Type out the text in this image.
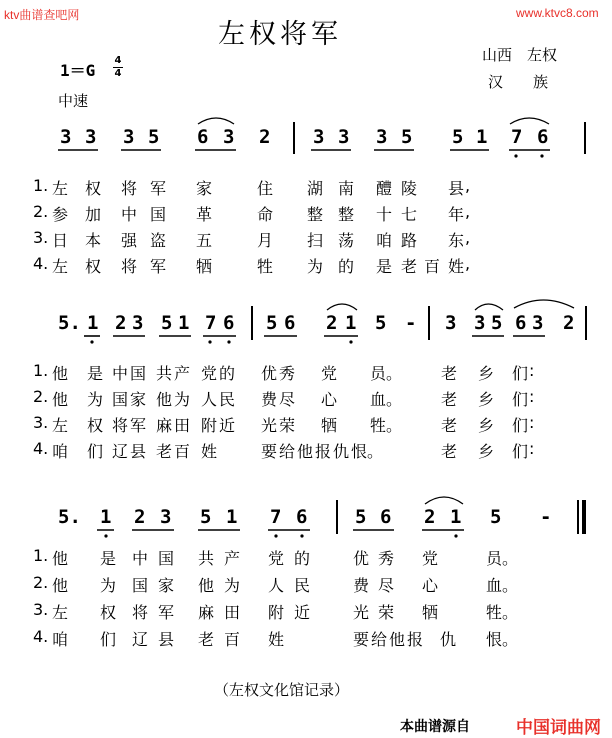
ktv曲谱查吧网	www.ktvc8.com
左权将军
山西　左权
汉　　族
1＝G
4
4
中速
3 3 3 5 6 3 2 3 3 3 5 5 1 7 6
1. 左 权 将 军 家	住 湖 南 醴 陵 县 ,
2. 参 加 中 国 革	命 整 整 十 七 年 ,
3. 日 本 强 盗 五	月 扫 荡 咱 路 东 ,
4. 左 权 将 军 牺	牲 为 的 是 老 百 姓 ,
5. 1 2 3 5 1 7 6 5 6 2 1 5 - 3 3 5 6 3 2
1. 他 是 中 国 共 产 党 的 优 秀 党 员 。 老 乡 们 :
2. 他 为 国 家 他 为 人 民 费 尽 心 血 。 老 乡 们 :
3. 左 权 将 军 麻 田 附 近 光 荣 牺 牲 。 老 乡 们 :
4. 咱 们 辽 县 老 百 姓	要 给 他 报 仇 恨 。	老 乡 们 :
5. 1 2 3 5 1 7 6	5 6 2 1 5 -
1. 他 是 中 国 共 产 党 的	优 秀 党	员 。
2. 他 为 国 家 他 为 人 民	费 尽 心	血 。
3. 左 权 将 军 麻 田 附 近	光 荣 牺	牲 。
4. 咱 们 辽 县 老 百 姓	要 给 他 报 仇 恨 。
（左权文化馆记录）
本曲谱源自	中国词曲网
